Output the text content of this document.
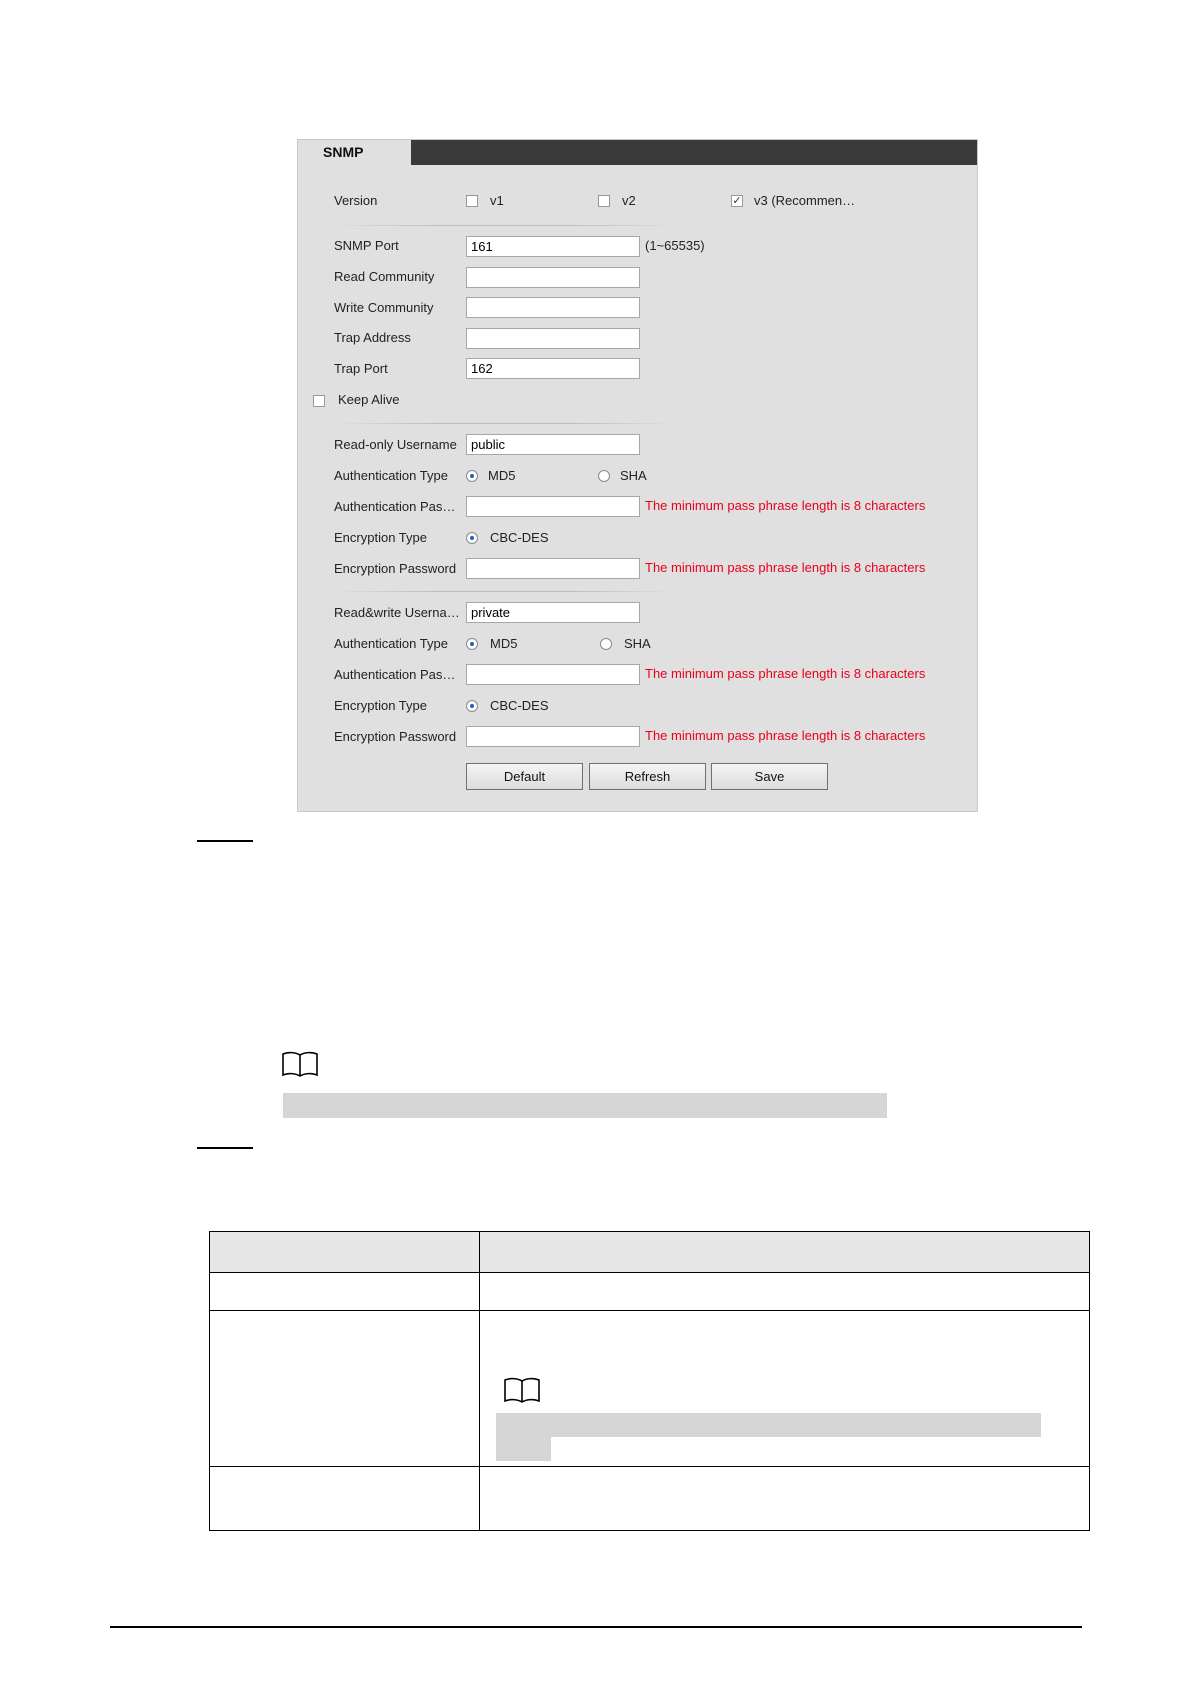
SNMP
Version	v1	v2	✓ v3 (Recommen…
SNMP Port	161	(1~65535)
Read Community
Write Community
Trap Address
Trap Port	162
Keep Alive
Read-only Username	public
Authentication Type	MD5	SHA
Authentication Pas…	The minimum pass phrase length is 8 characters
Encryption Type	CBC-DES
Encryption Password	The minimum pass phrase length is 8 characters
Read&write Userna… private
Authentication Type	MD5	SHA
Authentication Pas…	The minimum pass phrase length is 8 characters
Encryption Type	CBC-DES
Encryption Password	The minimum pass phrase length is 8 characters
Default	Refresh	Save
